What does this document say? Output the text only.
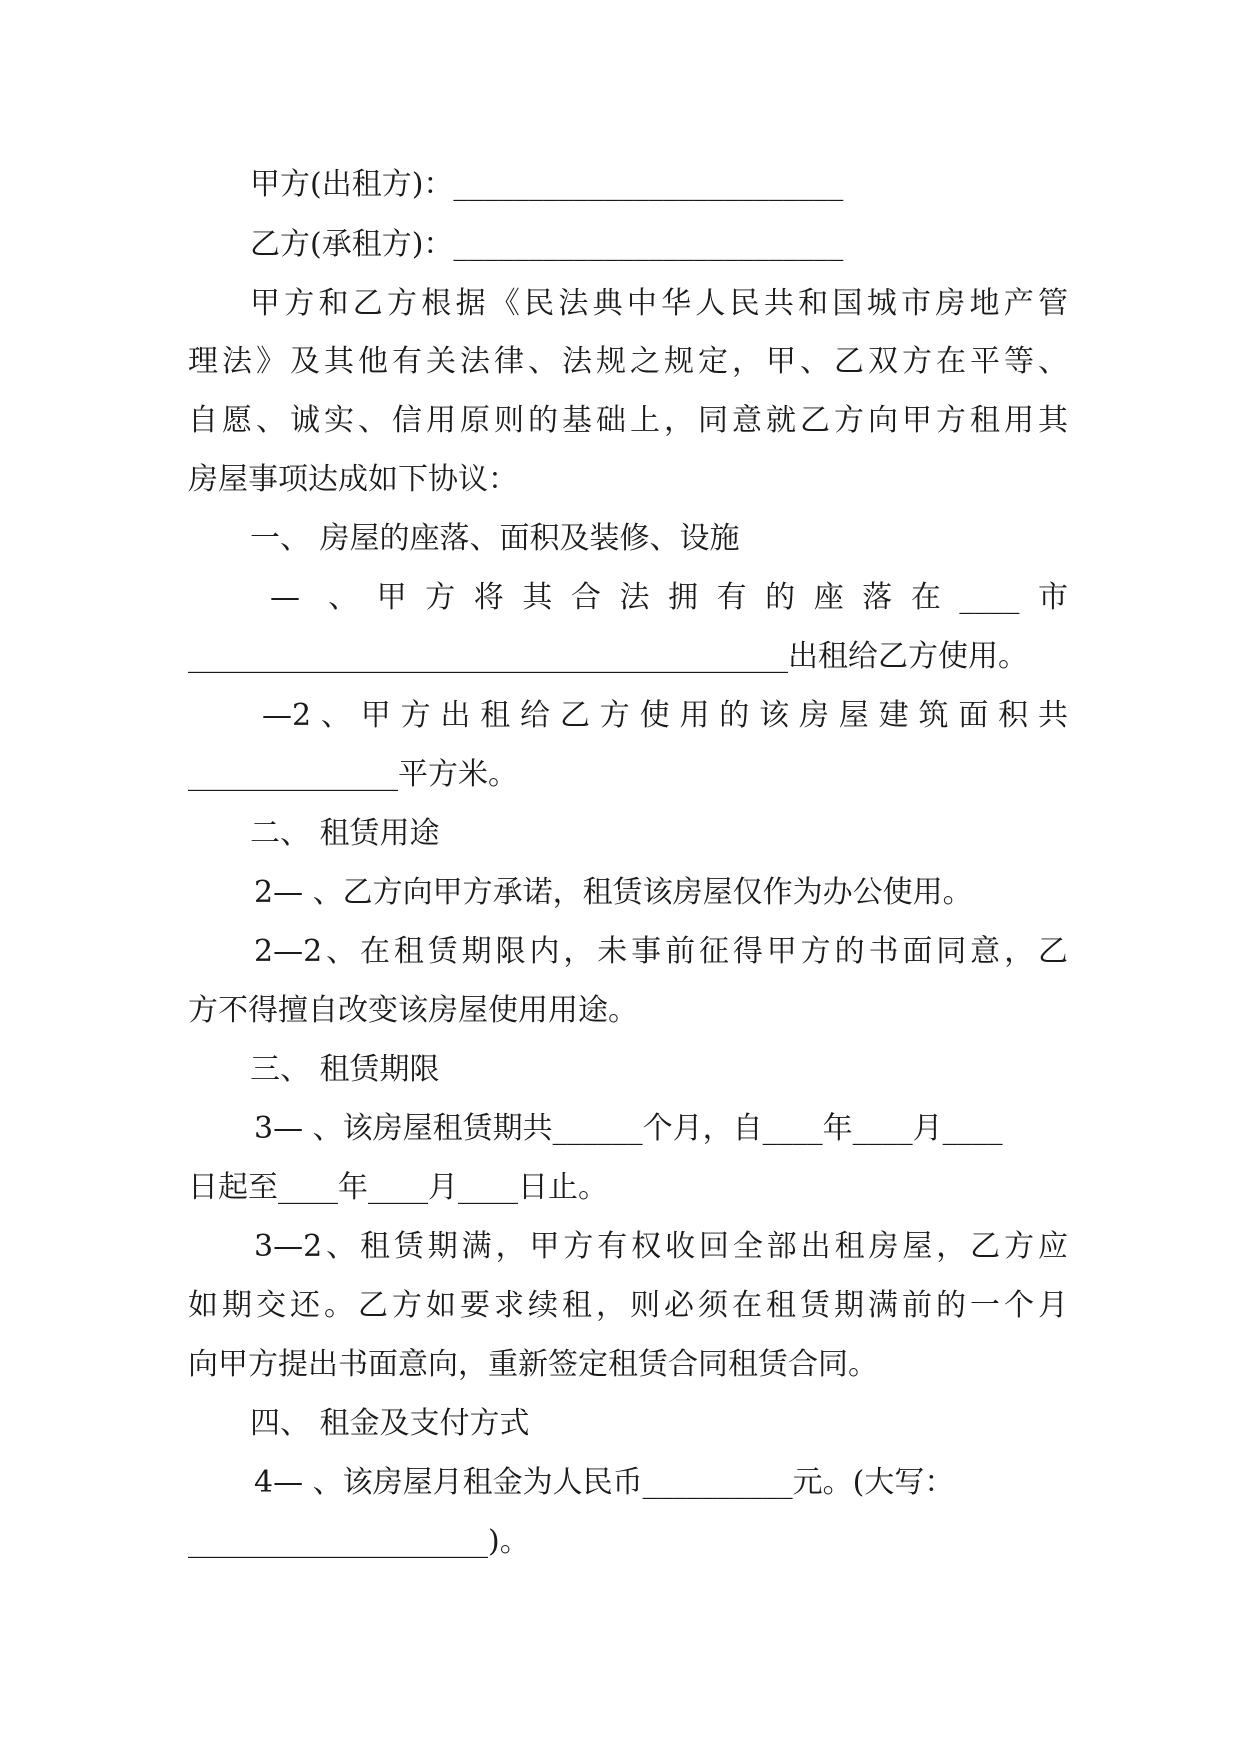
甲方(出租方)：__________________________
乙方(承租方)：__________________________
甲方和乙方根据《民法典中华人民共和国城市房地产管
理法》及其他有关法律、法规之规定，甲、乙双方在平等、
自愿、诚实、信用原则的基础上，同意就乙方向甲方租用其
房屋事项达成如下协议：
一、 房屋的座落、面积及装修、设施
— 、甲方将其合法拥有的座落在____市
________________________________________出租给乙方使用。
—2、甲方出租给乙方使用的该房屋建筑面积共
______________平方米。
二、 租赁用途
2— 、乙方向甲方承诺，租赁该房屋仅作为办公使用。
2—2、在租赁期限内，未事前征得甲方的书面同意，乙
方不得擅自改变该房屋使用用途。
三、 租赁期限
3— 、该房屋租赁期共______个月，自____年____月____
日起至____年____月____日止。
3—2、租赁期满，甲方有权收回全部出租房屋，乙方应
如期交还。乙方如要求续租，则必须在租赁期满前的一个月
向甲方提出书面意向，重新签定租赁合同租赁合同。
四、 租金及支付方式
4— 、该房屋月租金为人民币__________元。(大写：
____________________)。
